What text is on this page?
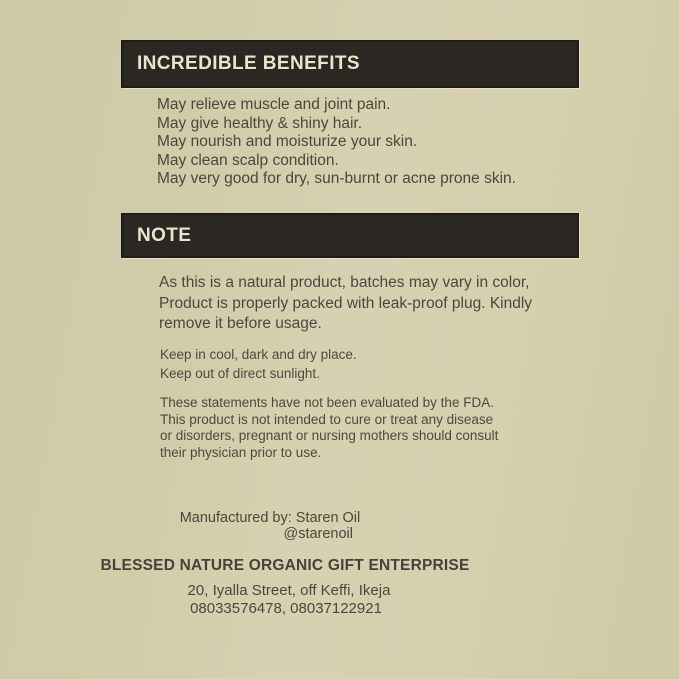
INCREDIBLE BENEFITS
May relieve muscle and joint pain.
May give healthy & shiny hair.
May nourish and moisturize your skin.
May clean scalp condition.
May very good for dry, sun-burnt or acne prone skin.
NOTE
As this is a natural product, batches may vary in color,
Product is properly packed with leak-proof plug. Kindly
remove it before usage.
Keep in cool, dark and dry place.
Keep out of direct sunlight.
These statements have not been evaluated by the FDA.
This product is not intended to cure or treat any disease
or disorders, pregnant or nursing mothers should consult
their physician prior to use.
Manufactured by: Staren Oil
@starenoil
BLESSED NATURE ORGANIC GIFT ENTERPRISE
20, Iyalla Street, off Keffi, Ikeja
08033576478, 08037122921
